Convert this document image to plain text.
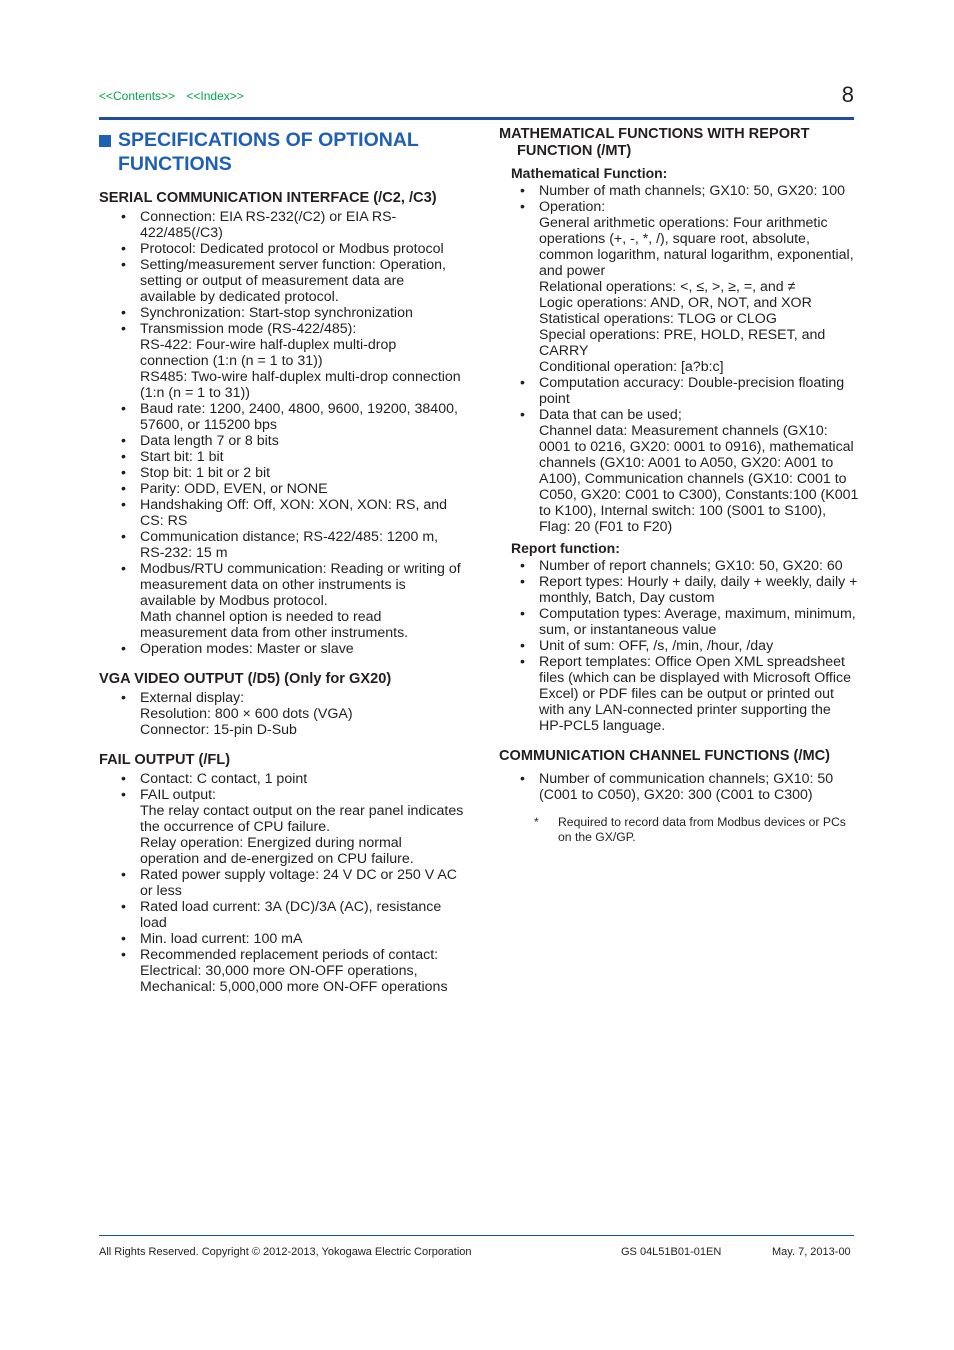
<<Contents>> <<Index>>	8
SPECIFICATIONS OF OPTIONAL
FUNCTIONS
SERIAL COMMUNICATION INTERFACE (/C2, /C3)
• Connection: EIA RS-232(/C2) or EIA RS-422/485(/C3)
• Protocol: Dedicated protocol or Modbus protocol
• Setting/measurement server function: Operation, setting or output of measurement data are available by dedicated protocol.
• Synchronization: Start-stop synchronization
• Transmission mode (RS-422/485):
RS-422: Four-wire half-duplex multi-drop connection (1:n (n = 1 to 31))
RS485: Two-wire half-duplex multi-drop connection (1:n (n = 1 to 31))
• Baud rate: 1200, 2400, 4800, 9600, 19200, 38400, 57600, or 115200 bps
• Data length 7 or 8 bits
• Start bit: 1 bit
• Stop bit: 1 bit or 2 bit
• Parity: ODD, EVEN, or NONE
• Handshaking Off: Off, XON: XON, XON: RS, and CS: RS
• Communication distance; RS-422/485: 1200 m, RS-232: 15 m
• Modbus/RTU communication: Reading or writing of measurement data on other instruments is available by Modbus protocol.
Math channel option is needed to read measurement data from other instruments.
• Operation modes: Master or slave
VGA VIDEO OUTPUT (/D5) (Only for GX20)
• External display:
Resolution: 800 × 600 dots (VGA)
Connector: 15-pin D-Sub
FAIL OUTPUT (/FL)
• Contact: C contact, 1 point
• FAIL output:
The relay contact output on the rear panel indicates the occurrence of CPU failure.
Relay operation: Energized during normal operation and de-energized on CPU failure.
• Rated power supply voltage: 24 V DC or 250 V AC or less
• Rated load current: 3A (DC)/3A (AC), resistance load
• Min. load current: 100 mA
• Recommended replacement periods of contact:
Electrical: 30,000 more ON-OFF operations,
Mechanical: 5,000,000 more ON-OFF operations
MATHEMATICAL FUNCTIONS WITH REPORT FUNCTION (/MT)
Mathematical Function:
• Number of math channels; GX10: 50, GX20: 100
• Operation:
General arithmetic operations: Four arithmetic operations (+, -, *, /), square root, absolute, common logarithm, natural logarithm, exponential, and power
Relational operations: <, ≤, >, ≥, =, and ≠
Logic operations: AND, OR, NOT, and XOR
Statistical operations: TLOG or CLOG
Special operations: PRE, HOLD, RESET, and CARRY
Conditional operation: [a?b:c]
• Computation accuracy: Double-precision floating point
• Data that can be used;
Channel data: Measurement channels (GX10: 0001 to 0216, GX20: 0001 to 0916), mathematical channels (GX10: A001 to A050, GX20: A001 to A100), Communication channels (GX10: C001 to C050, GX20: C001 to C300), Constants:100 (K001 to K100), Internal switch: 100 (S001 to S100), Flag: 20 (F01 to F20)
Report function:
• Number of report channels; GX10: 50, GX20: 60
• Report types: Hourly + daily, daily + weekly, daily + monthly, Batch, Day custom
• Computation types: Average, maximum, minimum, sum, or instantaneous value
• Unit of sum: OFF, /s, /min, /hour, /day
• Report templates: Office Open XML spreadsheet files (which can be displayed with Microsoft Office Excel) or PDF files can be output or printed out with any LAN-connected printer supporting the HP-PCL5 language.
COMMUNICATION CHANNEL FUNCTIONS (/MC)
• Number of communication channels; GX10: 50 (C001 to C050), GX20: 300 (C001 to C300)
* Required to record data from Modbus devices or PCs on the GX/GP.
All Rights Reserved. Copyright © 2012-2013, Yokogawa Electric Corporation	GS 04L51B01-01EN	May. 7, 2013-00
